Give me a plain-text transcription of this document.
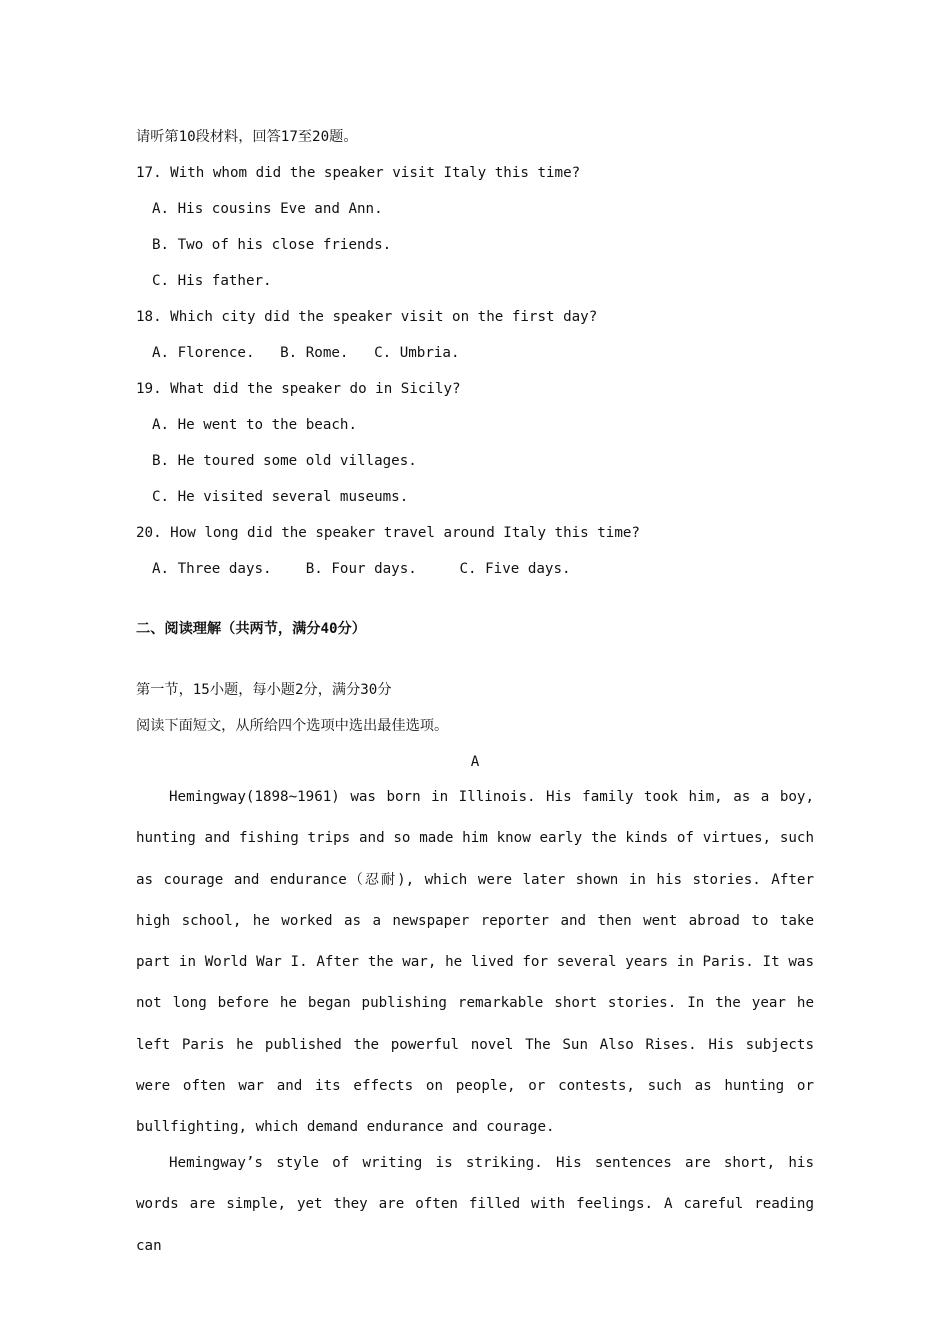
请听第10段材料，回答17至20题。
17. With whom did the speaker visit Italy this time?
A. His cousins Eve and Ann.
B. Two of his close friends.
C. His father.
18. Which city did the speaker visit on the first day?
A. Florence.   B. Rome.   C. Umbria.
19. What did the speaker do in Sicily?
A. He went to the beach.
B. He toured some old villages.
C. He visited several museums.
20. How long did the speaker travel around Italy this time?
A. Three days.    B. Four days.     C. Five days.
二、阅读理解（共两节，满分40分）
第一节，15小题，每小题2分，满分30分
阅读下面短文，从所给四个选项中选出最佳选项。
A
Hemingway(1898~1961) was born in Illinois. His family took him, as a boy, hunting and fishing trips and so made him know early the kinds of virtues, such as courage and endurance（忍耐), which were later shown in his stories. After high school, he worked as a newspaper reporter and then went abroad to take part in World War I. After the war, he lived for several years in Paris. It was not long before he began publishing remarkable short stories. In the year he left Paris he published the powerful novel The Sun Also Rises. His subjects were often war and its effects on people, or contests, such as hunting or bullfighting, which demand endurance and courage.
Hemingway’s style of writing is striking. His sentences are short, his words are simple, yet they are often filled with feelings. A careful reading can
